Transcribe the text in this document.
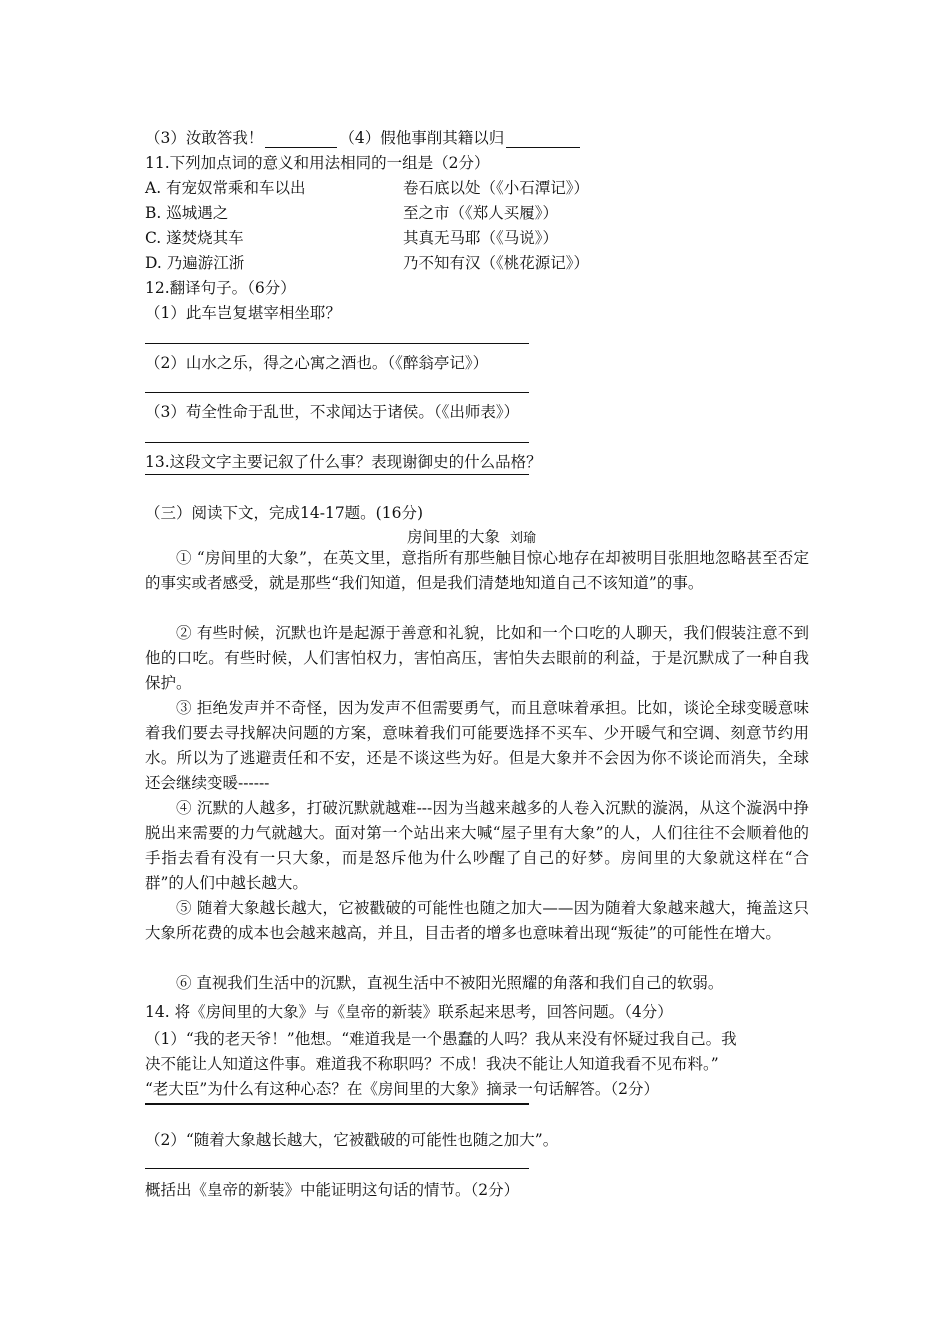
（3）汝敢答我！	（4）假他事削其籍以归
11.下列加点词的意义和用法相同的一组是（2分）
A. 有宠奴常乘和车以出	卷石底以处（《小石潭记》）
B. 巡城遇之	至之市（《郑人买履》）
C. 遂焚烧其车	其真无马耶（《马说》）
D. 乃遍游江浙	乃不知有汉（《桃花源记》）
12.翻译句子。（6分）
（1）此车岂复堪宰相坐耶？
（2）山水之乐，得之心寓之酒也。（《醉翁亭记》）
（3）苟全性命于乱世，不求闻达于诸侯。（《出师表》）
13.这段文字主要记叙了什么事？表现谢御史的什么品格？
（三）阅读下文，完成14-17题。(16分)
房间里的大象 刘瑜
① “房间里的大象”，在英文里，意指所有那些触目惊心地存在却被明目张胆地忽略甚至否定的事实或者感受，就是那些“我们知道，但是我们清楚地知道自己不该知道”的事。
② 有些时候，沉默也许是起源于善意和礼貌，比如和一个口吃的人聊天，我们假装注意不到他的口吃。有些时候，人们害怕权力，害怕高压，害怕失去眼前的利益，于是沉默成了一种自我保护。
③ 拒绝发声并不奇怪，因为发声不但需要勇气，而且意味着承担。比如，谈论全球变暖意味着我们要去寻找解决问题的方案，意味着我们可能要选择不买车、少开暖气和空调、刻意节约用水。所以为了逃避责任和不安，还是不谈这些为好。但是大象并不会因为你不谈论而消失，全球还会继续变暖------
④ 沉默的人越多，打破沉默就越难---因为当越来越多的人卷入沉默的漩涡，从这个漩涡中挣脱出来需要的力气就越大。面对第一个站出来大喊“屋子里有大象”的人，人们往往不会顺着他的手指去看有没有一只大象，而是怒斥他为什么吵醒了自己的好梦。房间里的大象就这样在“合群”的人们中越长越大。
⑤ 随着大象越长越大，它被戳破的可能性也随之加大——因为随着大象越来越大，掩盖这只大象所花费的成本也会越来越高，并且，目击者的增多也意味着出现“叛徒”的可能性在增大。
⑥ 直视我们生活中的沉默，直视生活中不被阳光照耀的角落和我们自己的软弱。
14. 将《房间里的大象》与《皇帝的新装》联系起来思考，回答问题。（4分）
（1）“我的老天爷！”他想。“难道我是一个愚蠢的人吗？我从来没有怀疑过我自己。我
决不能让人知道这件事。难道我不称职吗？不成！我决不能让人知道我看不见布料。”
“老大臣”为什么有这种心态？在《房间里的大象》摘录一句话解答。（2分）
（2）“随着大象越长越大，它被戳破的可能性也随之加大”。
概括出《皇帝的新装》中能证明这句话的情节。（2分）
